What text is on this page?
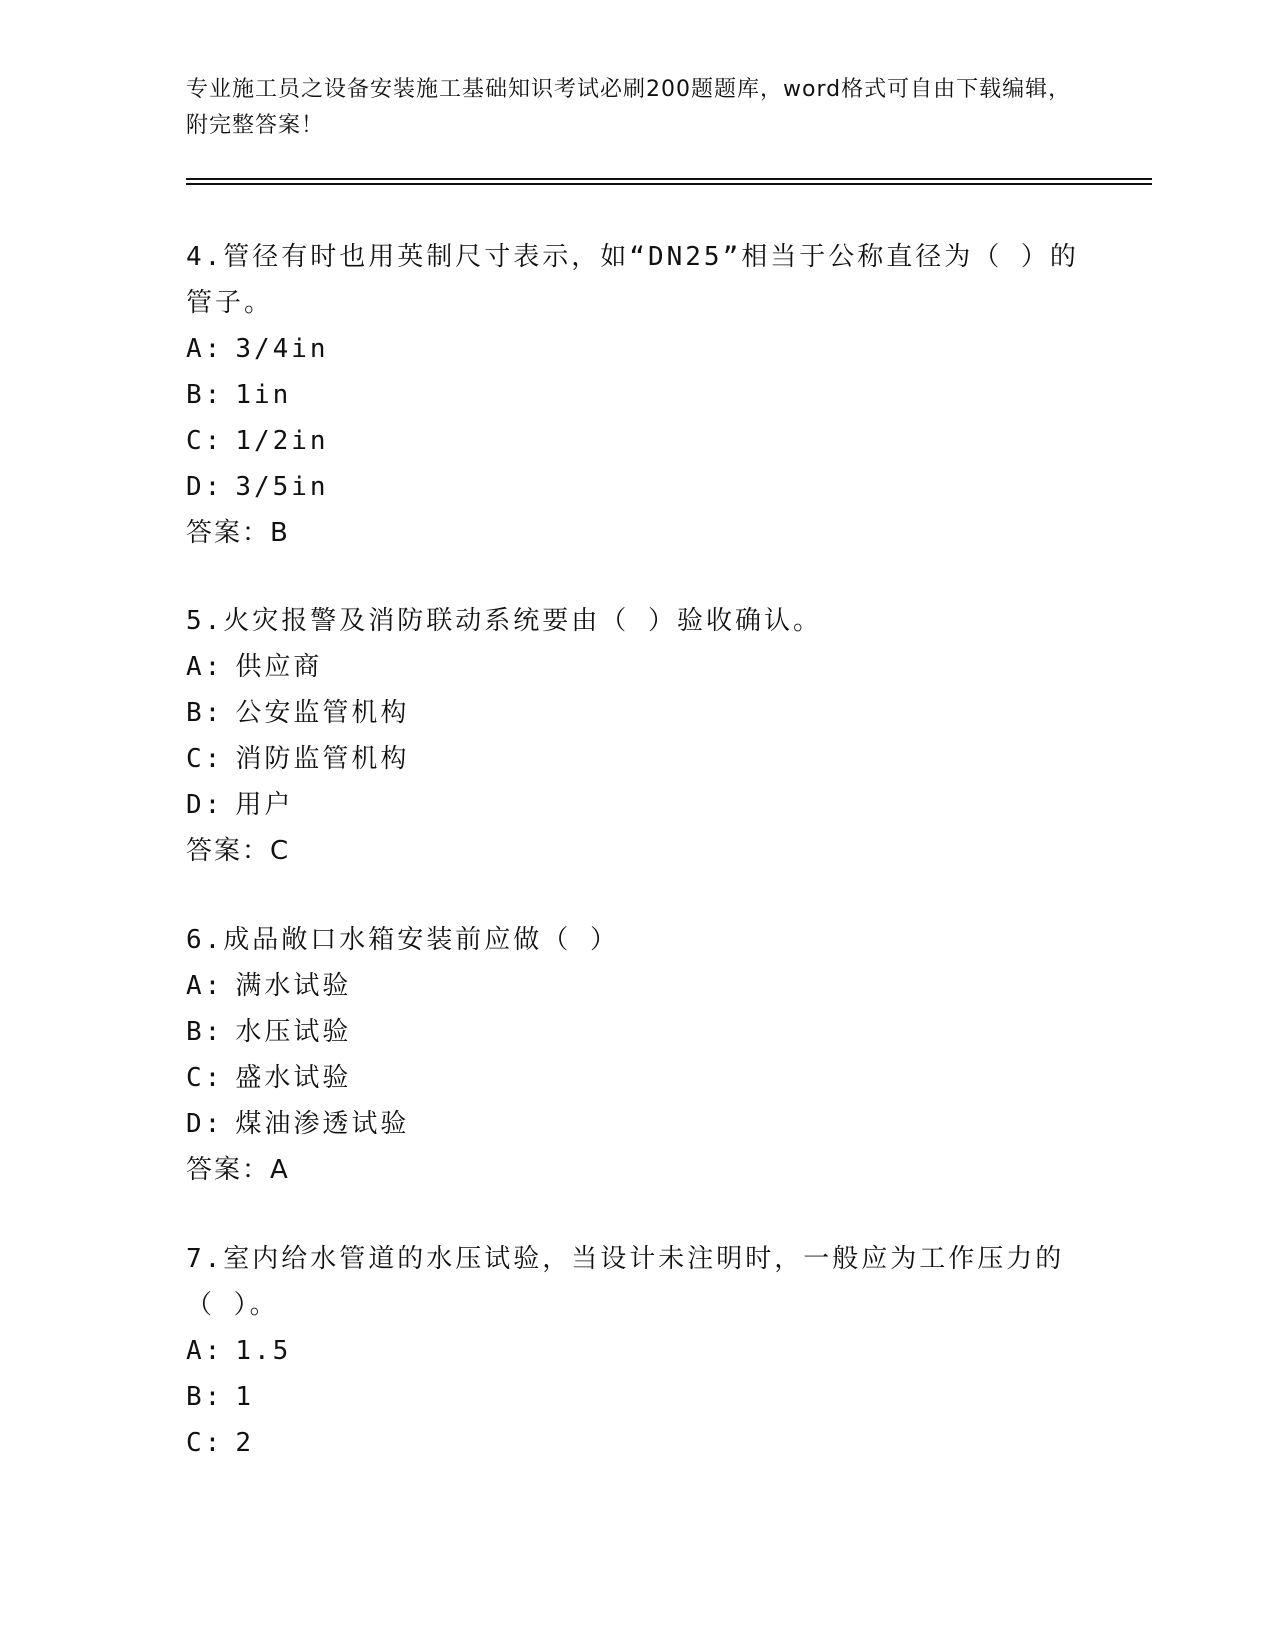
专业施工员之设备安装施工基础知识考试必刷200题题库，word格式可自由下载编辑，附完整答案！

4.管径有时也用英制尺寸表示，如“DN25”相当于公称直径为（ ）的管子。

A: 3/4in

B: 1in

C: 1/2in

D: 3/5in

答案：B

5.火灾报警及消防联动系统要由（ ）验收确认。

A: 供应商

B: 公安监管机构

C: 消防监管机构

D: 用户

答案：C

6.成品敞口水箱安装前应做（ ）

A: 满水试验

B: 水压试验

C: 盛水试验

D: 煤油渗透试验

答案：A

7.室内给水管道的水压试验，当设计未注明时，一般应为工作压力的（ ）。

A: 1.5

B: 1

C: 2
